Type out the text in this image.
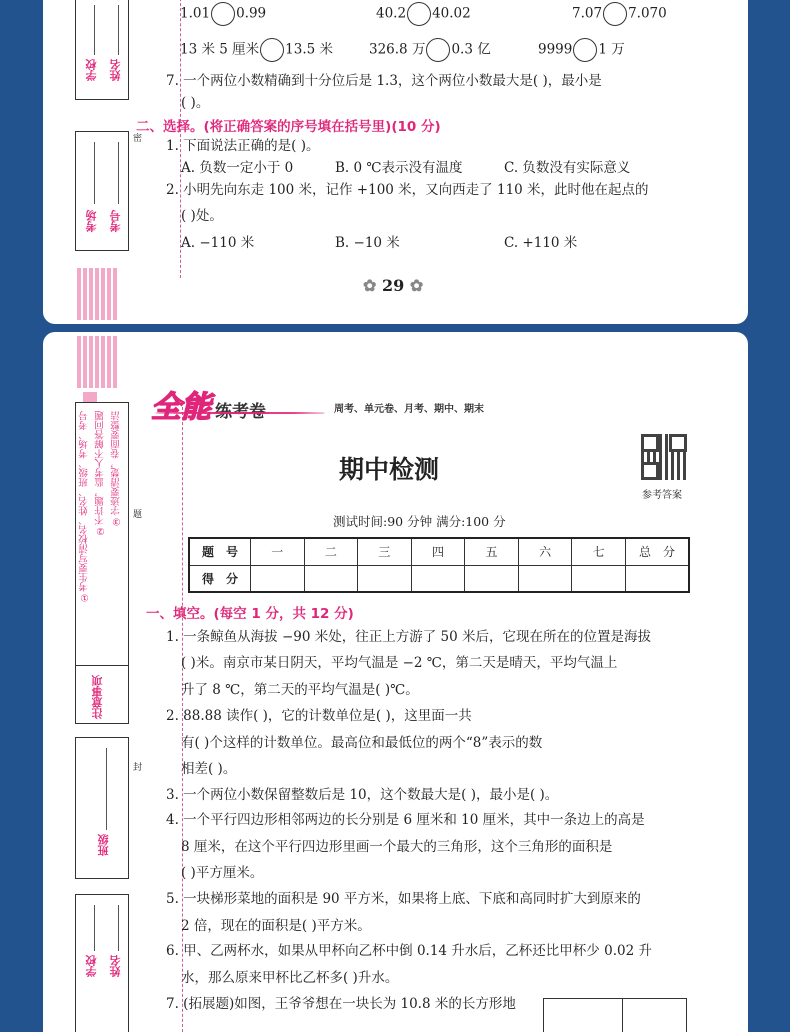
学校 姓名
考场 考号
密
1.01 0.99	40.2 40.02	7.07 7.070
13 米 5 厘米 13.5 米	326.8 万 0.3 亿	9999 1 万
7. 一个两位小数精确到十分位后是 1.3，这个两位小数最大是( )，最小是
( )。
二、选择。(将正确答案的序号填在括号里)(10 分)
1. 下面说法正确的是( )。
A. 负数一定小于 0	B. 0 ℃表示没有温度	C. 负数没有实际意义
2. 小明先向东走 100 米，记作 +100 米，又向西走了 110 米，此时他在起点的
( )处。
A. −110 米	B. −10 米	C. +110 米
✿ 29 ✿
注意事项
①考生要写清校名、姓名、班级、考场、考号 ②不许题，监考人不解答问题 ③字迹要清楚，卷面要整洁
班级
学校 姓名
题
封
全能 练考卷	周考、单元卷、月考、期中、期末
期中检测
参考答案
测试时间:90 分钟 满分:100 分
题　号	一	二	三	四	五	六	七	总　分
得　分								
一、填空。(每空 1 分，共 12 分)
1. 一条鲸鱼从海拔 −90 米处，往正上方游了 50 米后，它现在所在的位置是海拔
( )米。南京市某日阴天，平均气温是 −2 ℃，第二天是晴天，平均气温上
升了 8 ℃，第二天的平均气温是( )℃。
2. 88.88 读作( )，它的计数单位是( )，这里面一共
有( )个这样的计数单位。最高位和最低位的两个“8”表示的数
相差( )。
3. 一个两位小数保留整数后是 10，这个数最大是( )，最小是( )。
4. 一个平行四边形相邻两边的长分别是 6 厘米和 10 厘米，其中一条边上的高是
8 厘米，在这个平行四边形里画一个最大的三角形，这个三角形的面积是
( )平方厘米。
5. 一块梯形菜地的面积是 90 平方米，如果将上底、下底和高同时扩大到原来的
2 倍，现在的面积是( )平方米。
6. 甲、乙两杯水，如果从甲杯向乙杯中倒 0.14 升水后，乙杯还比甲杯少 0.02 升
水，那么原来甲杯比乙杯多( )升水。
7. (拓展题)如图，王爷爷想在一块长为 10.8 米的长方形地
